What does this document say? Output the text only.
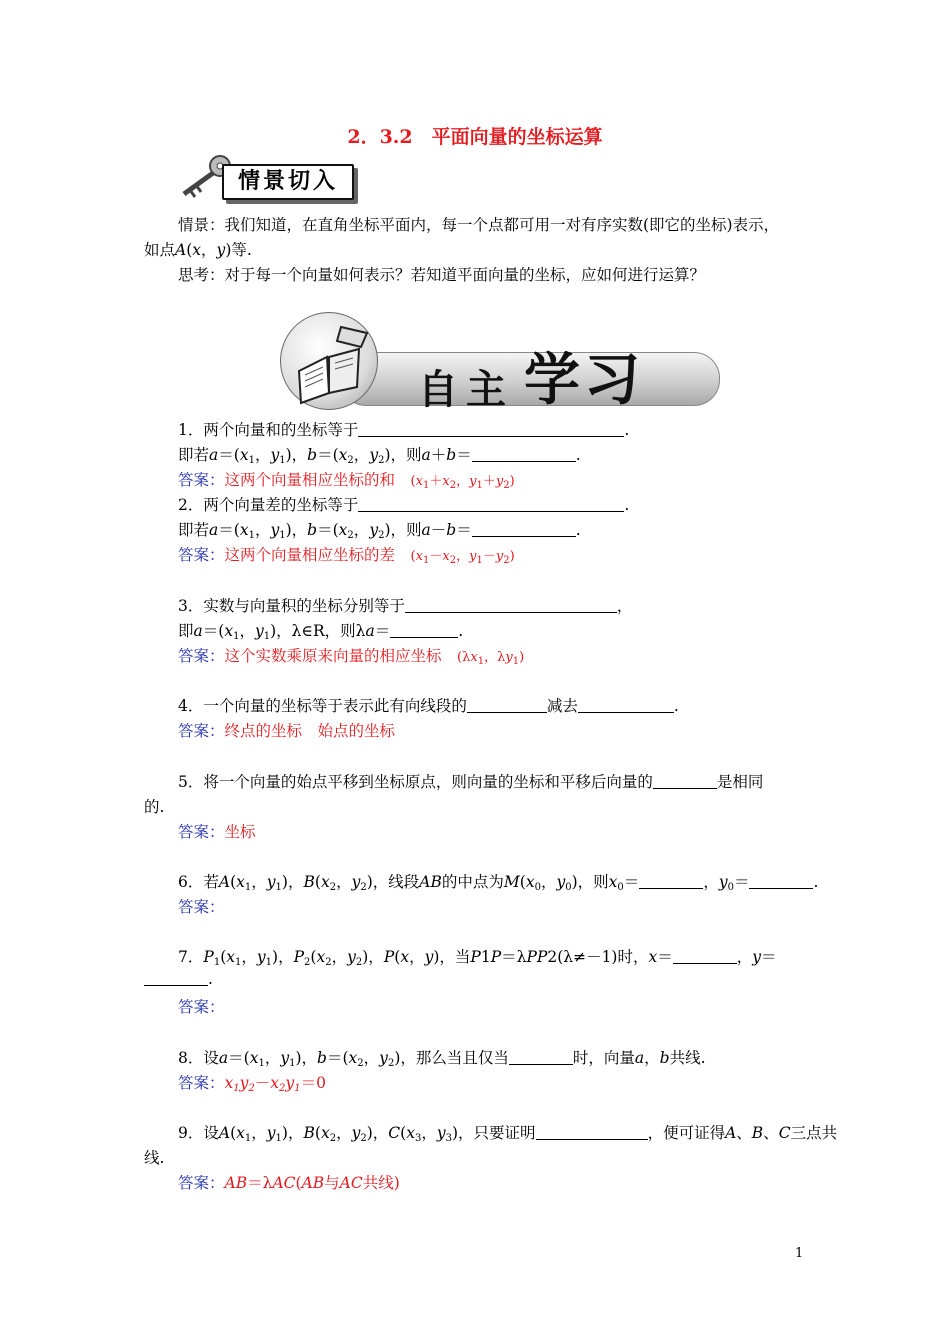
2．3.2　平面向量的坐标运算
情景切入
情景：我们知道，在直角坐标平面内，每一个点都可用一对有序实数(即它的坐标)表示，
如点A(x，y)等.
思考：对于每一个向量如何表示？若知道平面向量的坐标，应如何进行运算？
自主 学习
1．两个向量和的坐标等于	.
即若$a=(x_1$，$y_1$)，$b=(x_2$，$y_2$)，则a＋b＝	.
答案：这两个向量相应坐标的和　 ($x_1+x_2$，$y_1+y_2$)
2．两个向量差的坐标等于	.
即若$a=(x_1$，$y_1$)，$b=(x_2$，$y_2$)，则a－b＝	.
答案：这两个向量相应坐标的差　 ($x_1-x_2$，$y_1-y_2$)
3．实数与向量积的坐标分别等于	，
即$a=(x_1$，$y_1$)，λ∈R，则λa＝	.
答案：这个实数乘原来向量的相应坐标　 ($\lambda x_1$，$\lambda y_1$)
4．一个向量的坐标等于表示此有向线段的	减去	.
答案：终点的坐标　 始点的坐标
5．将一个向量的始点平移到坐标原点，则向量的坐标和平移后向量的	是相同
的.
答案：坐标
6．若$A(x_1$，$y_1$)，$B(x_2$，$y_2$)，线段AB的中点为$M(x_0$，$y_0$)，则$x_0=$	，$y_0=$	.
答案：
7．$P_1(x_1$，$y_1$)，$P_2(x_2$，$y_2$)，P(x，y)，当P1P＝λPP2(λ≠－1)时，x＝	，y＝
.
答案：
8．设$a=(x_1$，$y_1$)，$b=(x_2$，$y_2$)，那么当且仅当	时，向量a，b共线.
答案：$x_1y_2-x_2y_1=0$
9．设$A(x_1$，$y_1$)，$B(x_2$，$y_2$)，$C(x_3$，$y_3$)，只要证明	，便可证得A、B、C三点共
线.
答案：AB＝λAC(AB与AC共线)
1
